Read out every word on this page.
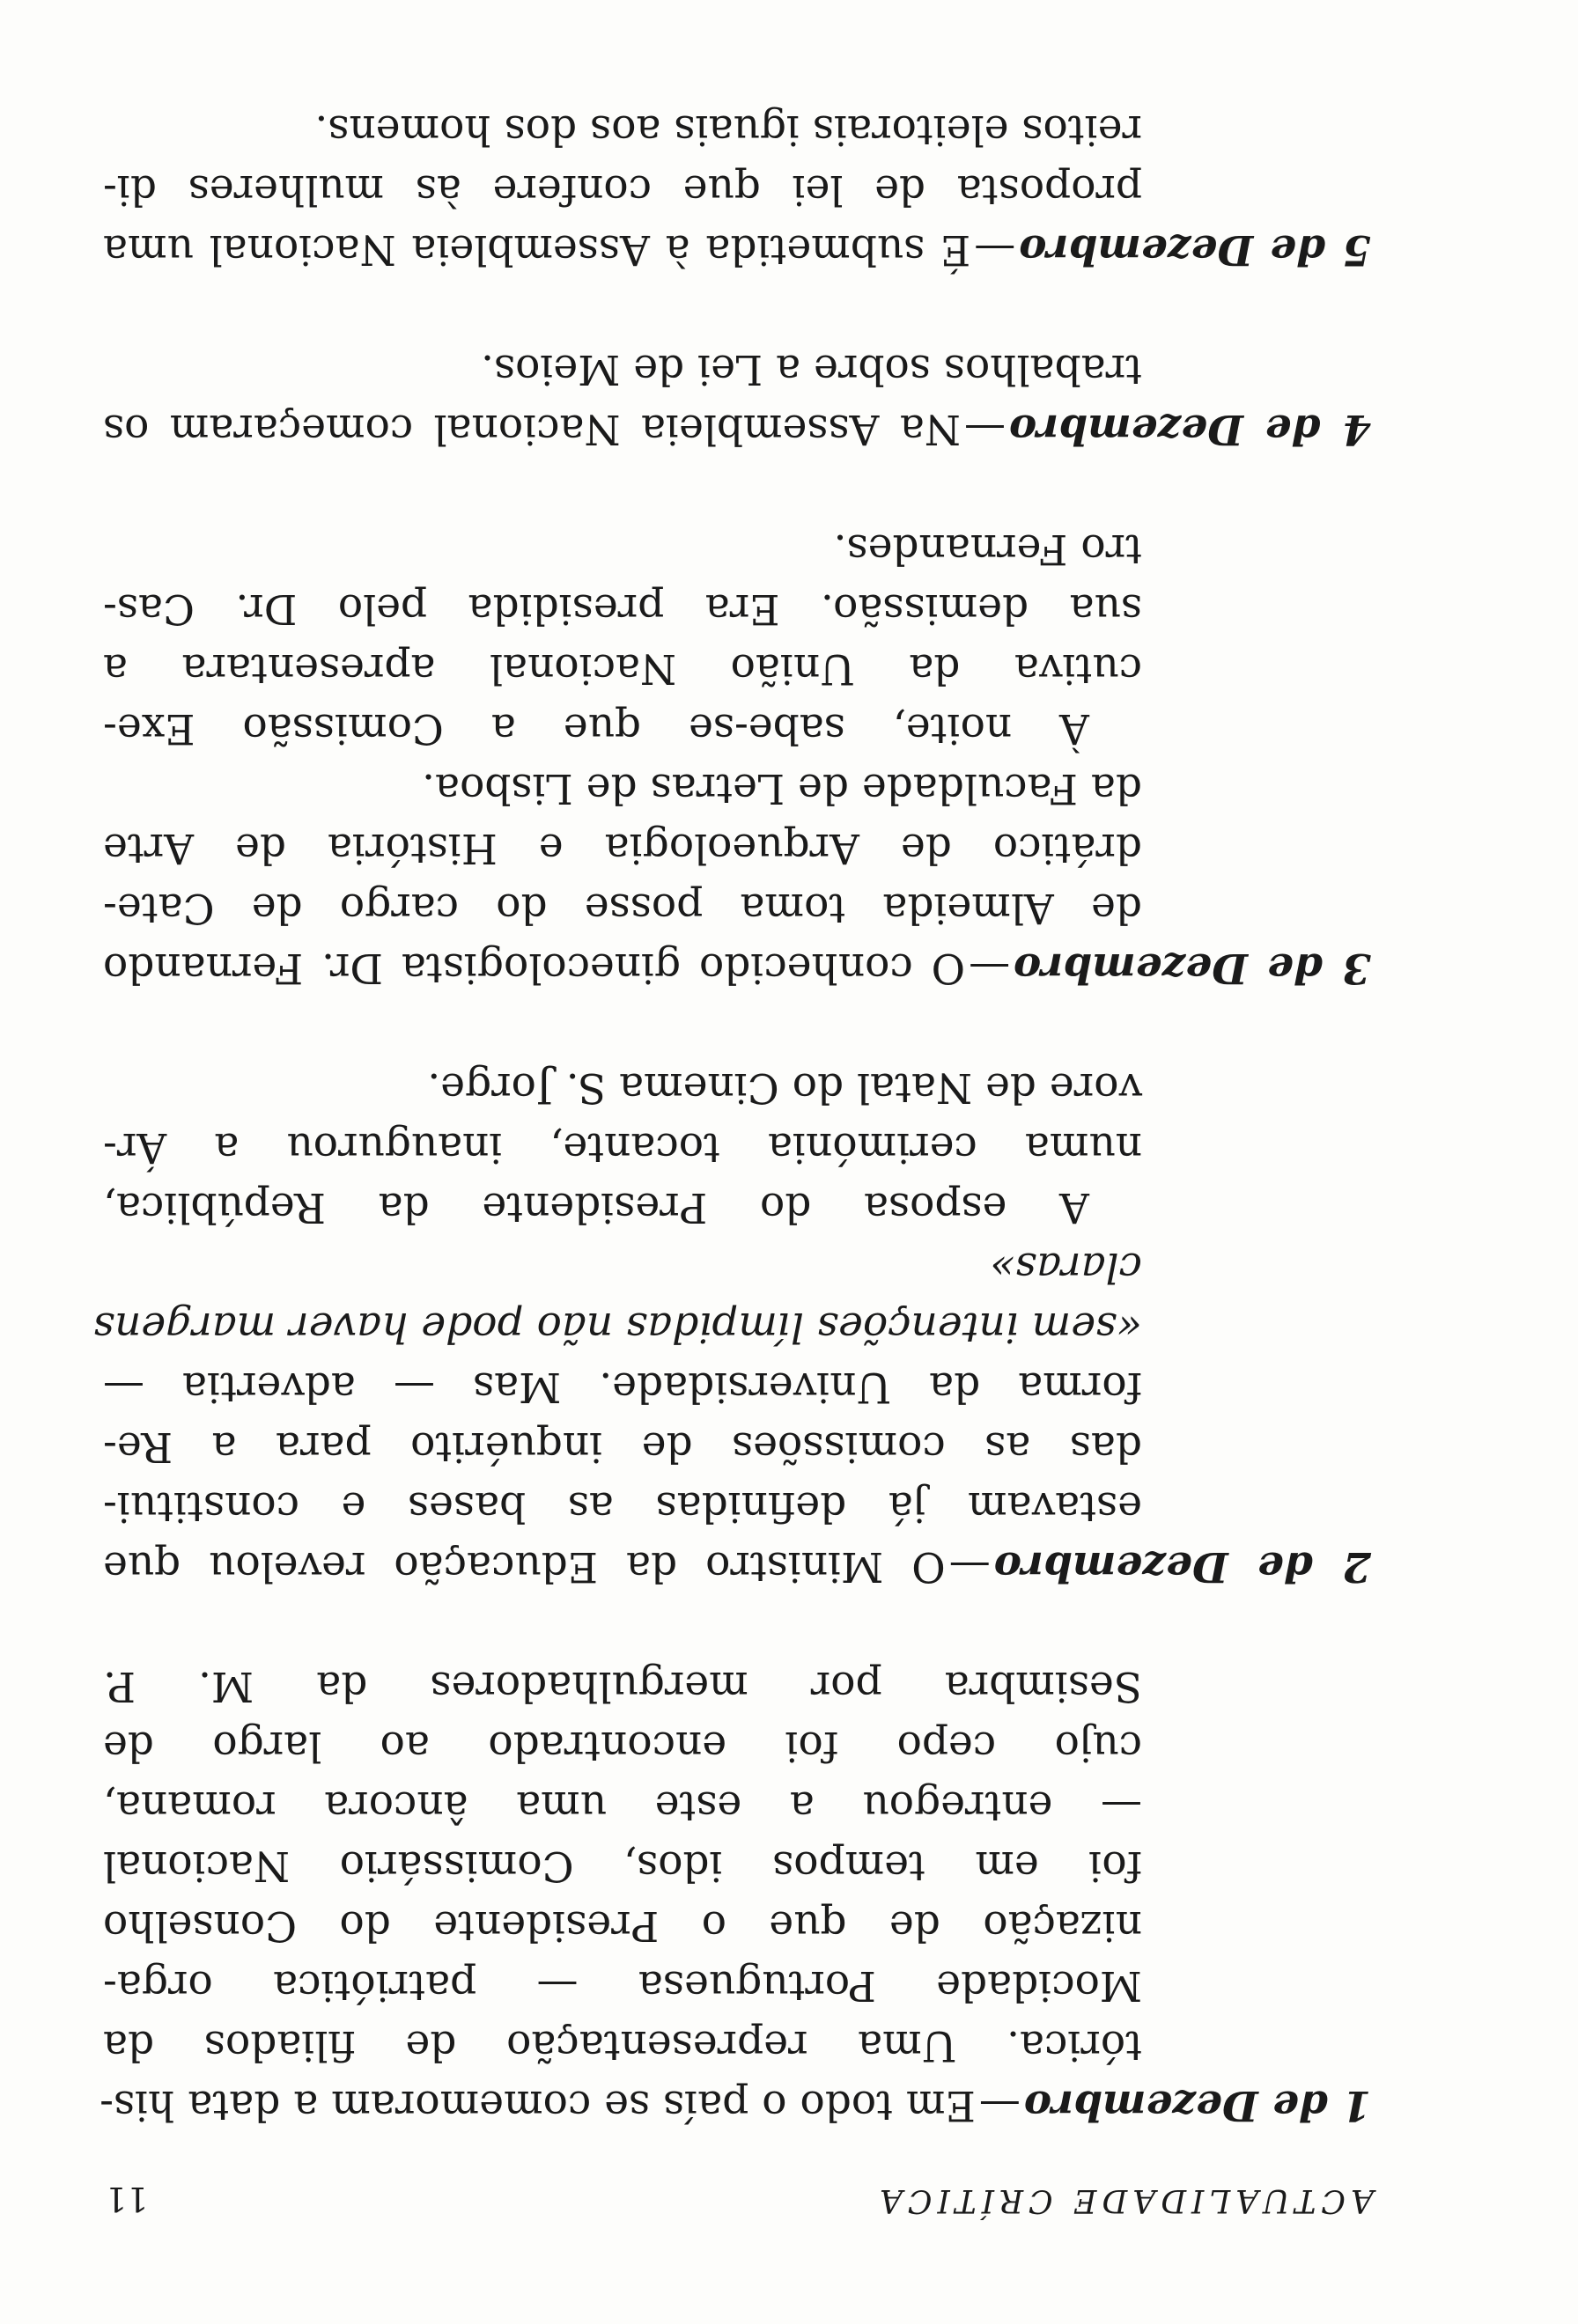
ACTUALIDADE CRÍTICA
11
1 de Dezembro—Em todo o país se comemoram a data his-
tórica. Uma representação de filiados da
Mocidade Portuguesa — patriótica orga-
nização de que o Presidente do Conselho
foi em tempos idos, Comissário Nacional
— entregou a este uma âncora romana,
cujo cepo foi encontrado ao largo de
Sesimbra por mergulhadores da M. P.
2 de Dezembro—O Ministro da Educação revelou que
estavam já definidas as bases e constitui-
das as comissões de inquérito para a Re-
forma da Universidade. Mas — advertia —
«sem intenções límpidas não pode haver margens
claras»
A esposa do Presidente da República,
numa cerimónia tocante, inaugurou a Ár-
vore de Natal do Cinema S. Jorge.
3 de Dezembro—O conhecido ginecologista Dr. Fernando
de Almeida toma posse do cargo de Cate-
drático de Arqueologia e História de Arte
da Faculdade de Letras de Lisboa.
À noite, sabe-se que a Comissão Exe-
cutiva da União Nacional apresentara a
sua demissão. Era presidida pelo Dr. Cas-
tro Fernandes.
4 de Dezembro—Na Assembleia Nacional começaram os
trabalhos sobre a Lei de Meios.
5 de Dezembro—É submetida à Assembleia Nacional uma
proposta de lei que confere às mulheres di-
reitos eleitorais iguais aos dos homens.
